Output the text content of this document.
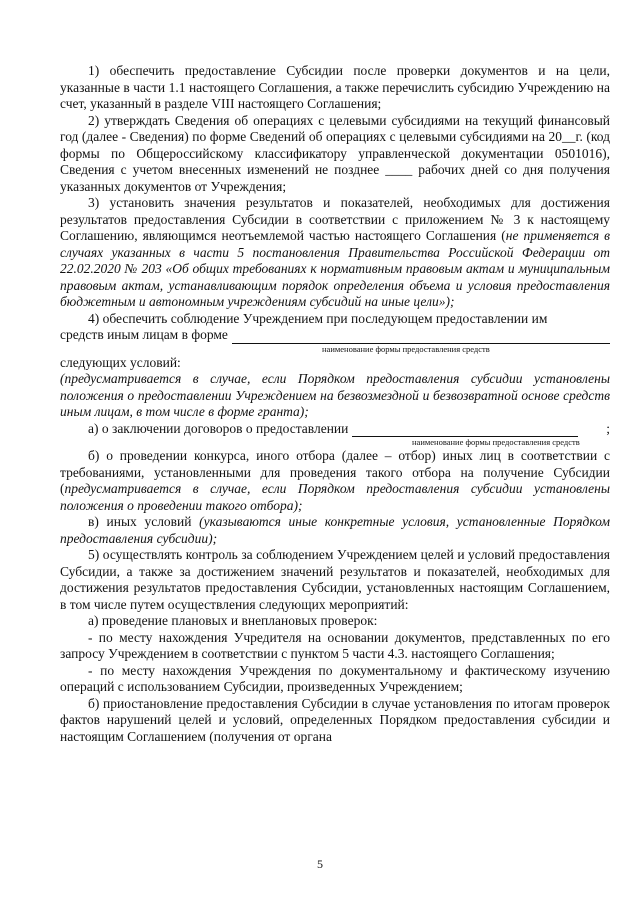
1) обеспечить предоставление Субсидии после проверки документов и на цели, указанные в части 1.1 настоящего Соглашения, а также перечислить субсидию Учреждению на счет, указанный в разделе VIII настоящего Соглашения;

2) утверждать Сведения об операциях с целевыми субсидиями на текущий финансовый год (далее - Сведения) по форме Сведений об операциях с целевыми субсидиями на 20__г. (код формы по Общероссийскому классификатору управленческой документации 0501016), Сведения с учетом внесенных изменений не позднее ____ рабочих дней со дня получения указанных документов от Учреждения;

3) установить значения результатов и показателей, необходимых для достижения результатов предоставления Субсидии в соответствии с приложением № 3 к настоящему Соглашению, являющимся неотъемлемой частью настоящего Соглашения (не применяется в случаях указанных в части 5 постановления Правительства Российской Федерации от 22.02.2020 № 203 «Об общих требованиях к нормативным правовым актам и муниципальным правовым актам, устанавливающим порядок определения объема и условия предоставления бюджетным и автономным учреждениям субсидий на иные цели»);

4) обеспечить соблюдение Учреждением при последующем предоставлении им

средств иным лицам в форме
наименование формы предоставления средств

следующих условий:

(предусматривается в случае, если Порядком предоставления субсидии установлены положения о предоставлении Учреждением на безвозмездной и безвозвратной основе средств иным лицам, в том числе в форме гранта);

а) о заключении договоров о предоставлении	;
наименование формы предоставления средств

б) о проведении конкурса, иного отбора (далее – отбор) иных лиц в соответствии с требованиями, установленными для проведения такого отбора на получение Субсидии (предусматривается в случае, если Порядком предоставления субсидии установлены положения о проведении такого отбора);

в) иных условий (указываются иные конкретные условия, установленные Порядком предоставления субсидии);

5) осуществлять контроль за соблюдением Учреждением целей и условий предоставления Субсидии, а также за достижением значений результатов и показателей, необходимых для достижения результатов предоставления Субсидии, установленных настоящим Соглашением, в том числе путем осуществления следующих мероприятий:

а) проведение плановых и внеплановых проверок:

- по месту нахождения Учредителя на основании документов, представленных по его запросу Учреждением в соответствии с пунктом 5 части 4.3. настоящего Соглашения;

- по месту нахождения Учреждения по документальному и фактическому изучению операций с использованием Субсидии, произведенных Учреждением;

б) приостановление предоставления Субсидии в случае установления по итогам проверок фактов нарушений целей и условий, определенных Порядком предоставления субсидии и настоящим Соглашением (получения от органа

5
